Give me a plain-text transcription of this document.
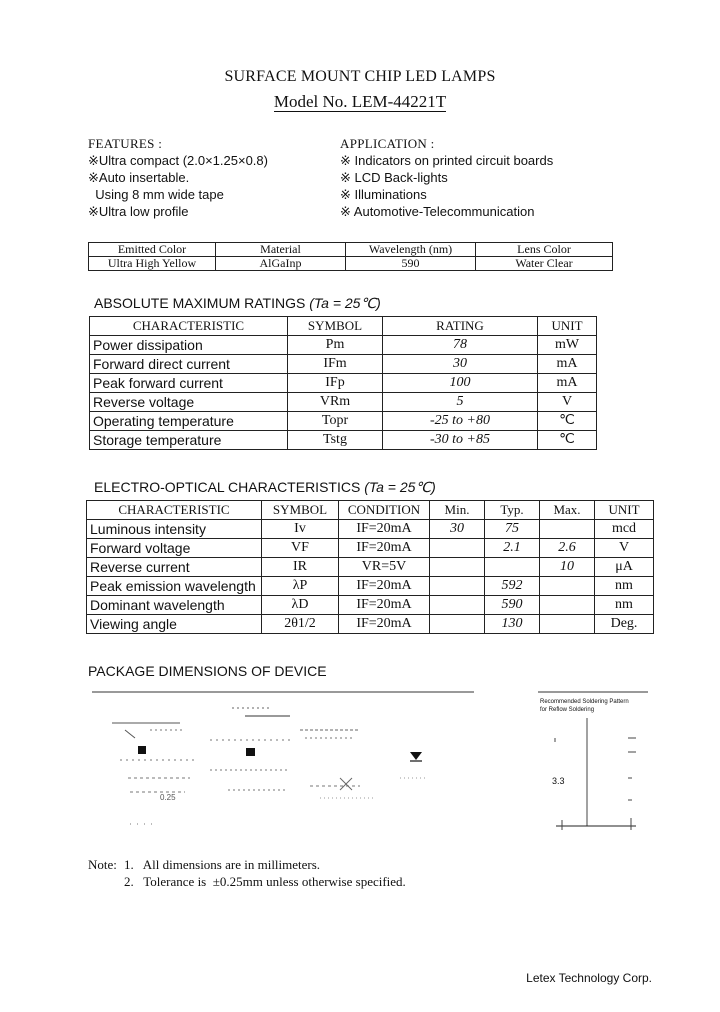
SURFACE MOUNT CHIP LED LAMPS
Model No. LEM-44221T
FEATURES :
※Ultra compact (2.0×1.25×0.8)
※Auto insertable.
Using 8 mm wide tape
※Ultra low profile
APPLICATION :
※ Indicators on printed circuit boards
※ LCD Back-lights
※ Illuminations
※ Automotive-Telecommunication
Emitted Color	Material	Wavelength (nm)	Lens Color
Ultra High Yellow	AlGaInp	590	Water Clear
ABSOLUTE MAXIMUM RATINGS (Ta = 25℃)
CHARACTERISTIC	SYMBOL	RATING	UNIT
Power dissipation	Pm	78	mW
Forward direct current	IFm	30	mA
Peak forward current	IFp	100	mA
Reverse voltage	VRm	5	V
Operating temperature	Topr	-25 to +80	℃
Storage temperature	Tstg	-30 to +85	℃
ELECTRO-OPTICAL CHARACTERISTICS (Ta = 25℃)
CHARACTERISTIC	SYMBOL	CONDITION	Min.	Typ.	Max.	UNIT
Luminous intensity	Iv	IF=20mA	30	75		mcd
Forward voltage	VF	IF=20mA		2.1	2.6	V
Reverse current	IR	VR=5V			10	μA
Peak emission wavelength	λP	IF=20mA		592		nm
Dominant wavelength	λD	IF=20mA		590		nm
Viewing angle	2θ1/2	IF=20mA		130		Deg.
PACKAGE DIMENSIONS OF DEVICE
Recommended Soldering Pattern
for Reflow Soldering
3.3
0.25
Note: 1.   All dimensions are in millimeters.
2.   Tolerance is  ±0.25mm unless otherwise specified.
Letex Technology Corp.
